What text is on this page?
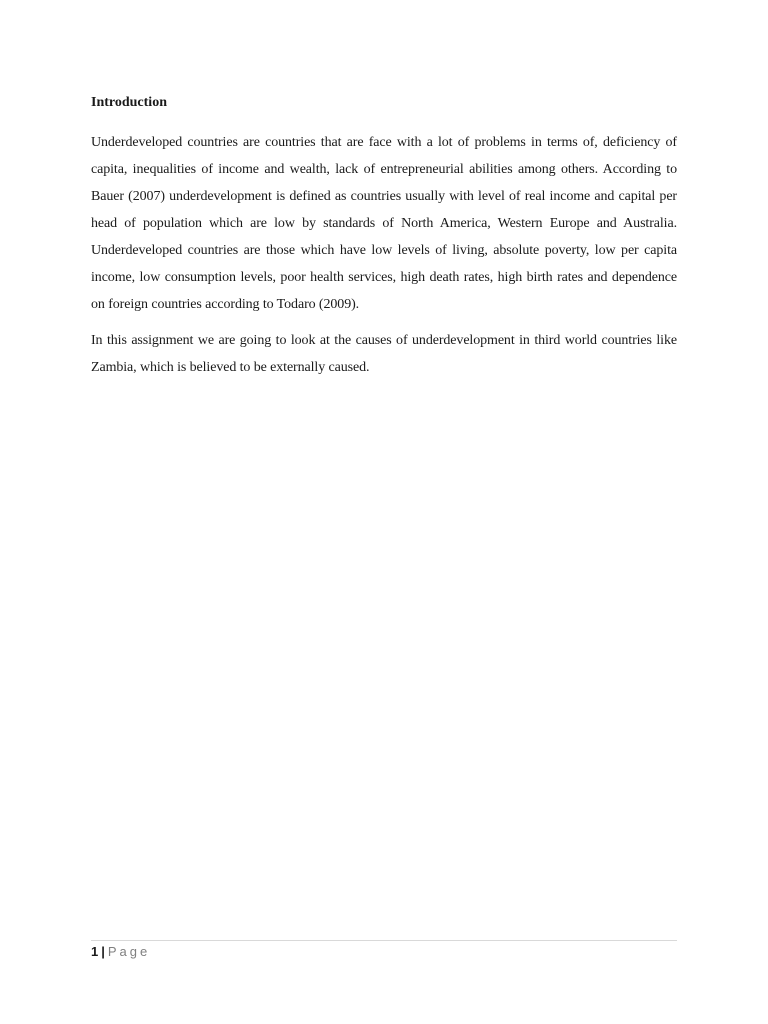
Introduction

Underdeveloped countries are countries that are face with a lot of problems in terms of, deficiency of capita, inequalities of income and wealth, lack of entrepreneurial abilities among others. According to Bauer (2007) underdevelopment is defined as countries usually with level of real income and capital per head of population which are low by standards of North America, Western Europe and Australia. Underdeveloped countries are those which have low levels of living, absolute poverty, low per capita income, low consumption levels, poor health services, high death rates, high birth rates and dependence on foreign countries according to Todaro (2009).

In this assignment we are going to look at the causes of underdevelopment in third world countries like Zambia, which is believed to be externally caused.

1 | Page
